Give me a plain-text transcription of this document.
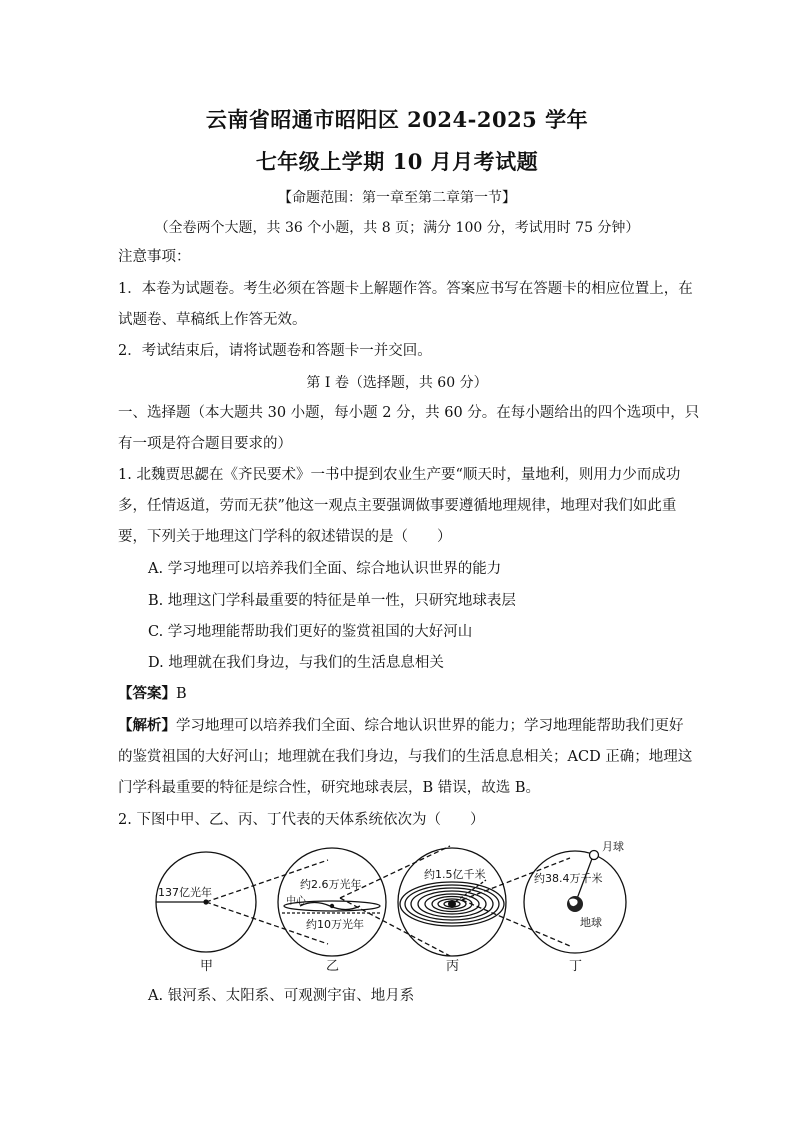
云南省昭通市昭阳区 2024-2025 学年
七年级上学期 10 月月考试题
【命题范围：第一章至第二章第一节】
（全卷两个大题，共 36 个小题，共 8 页；满分 100 分，考试用时 75 分钟）
注意事项：
1．本卷为试题卷。考生必须在答题卡上解题作答。答案应书写在答题卡的相应位置上，在
试题卷、草稿纸上作答无效。
2．考试结束后，请将试题卷和答题卡一并交回。
第 I 卷（选择题，共 60 分）
一、选择题（本大题共 30 小题，每小题 2 分，共 60 分。在每小题给出的四个选项中，只
有一项是符合题目要求的）
1. 北魏贾思勰在《齐民要术》一书中提到农业生产要“顺天时，量地利，则用力少而成功
多，任情返道，劳而无获”他这一观点主要强调做事要遵循地理规律，地理对我们如此重
要，下列关于地理这门学科的叙述错误的是（　　）
A. 学习地理可以培养我们全面、综合地认识世界的能力
B. 地理这门学科最重要的特征是单一性，只研究地球表层
C. 学习地理能帮助我们更好的鉴赏祖国的大好河山
D. 地理就在我们身边，与我们的生活息息相关
【答案】B
【解析】学习地理可以培养我们全面、综合地认识世界的能力；学习地理能帮助我们更好
的鉴赏祖国的大好河山；地理就在我们身边，与我们的生活息息相关；ACD 正确；地理这
门学科最重要的特征是综合性，研究地球表层，B 错误，故选 B。
2. 下图中甲、乙、丙、丁代表的天体系统依次为（　　）
137亿光年
约2.6万光年
中心
约10万光年
约1.5亿千米
月球
约38.4万千米
地球
甲	乙	丙	丁
A. 银河系、太阳系、可观测宇宙、地月系
